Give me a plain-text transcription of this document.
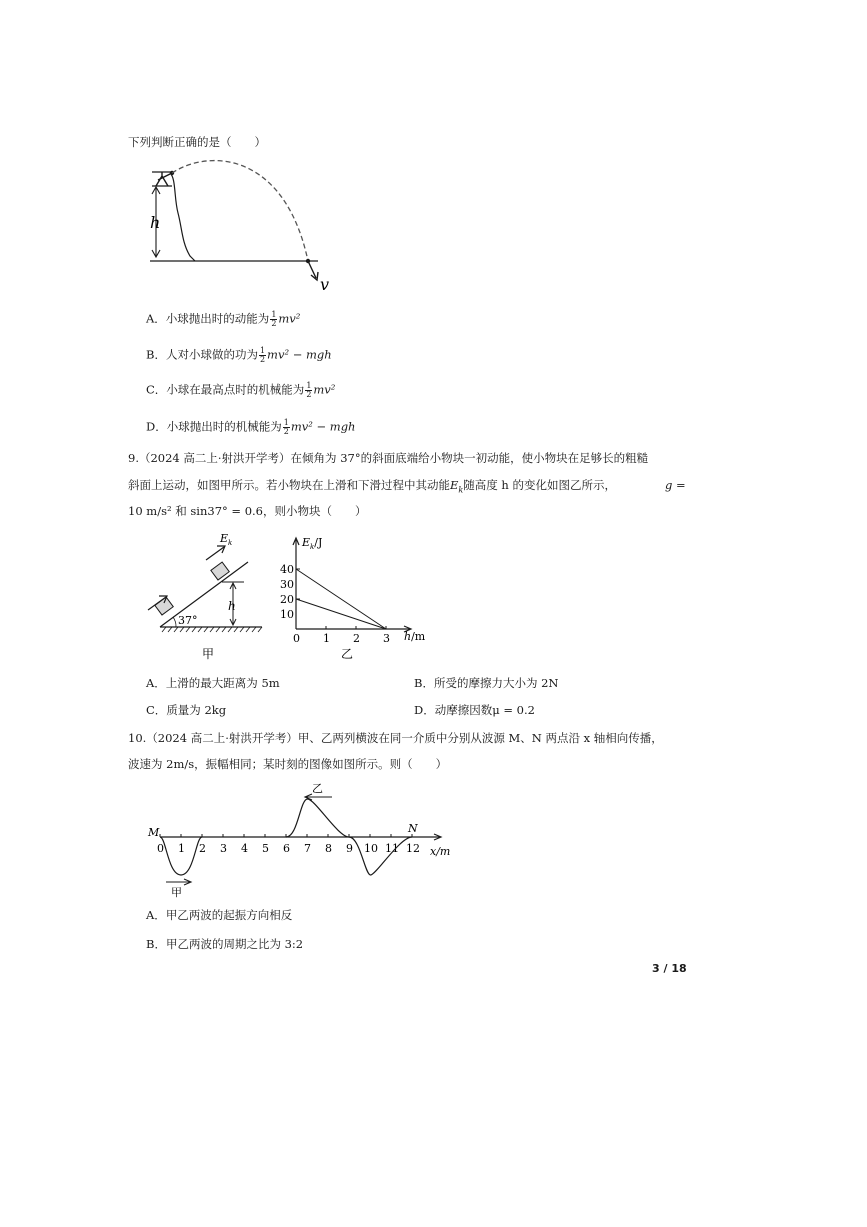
下列判断正确的是（　　）
h
v
A．小球抛出时的动能为 $\frac{1}{2} mv^2$
B．人对小球做的功为 $\frac{1}{2} mv^2$ − mgh
C．小球在最高点时的机械能为 $\frac{1}{2} mv^2$
D．小球抛出时的机械能为 $\frac{1}{2} mv^2$ − mgh
9.（2024 高二上·射洪开学考）在倾角为 37°的斜面底端给小物块一初动能，使小物块在足够长的粗糙
斜面上运动，如图甲所示。若小物块在上滑和下滑过程中其动能$E_k$随高度 h 的变化如图乙所示，	g =
10 m/s² 和 sin37° = 0.6，则小物块（　　）
$E_k$
h
37°
甲
$E_k/J$
h/m
40
30
20
10
0 1 2 3
乙
A．上滑的最大距离为 5m	B．所受的摩擦力大小为 2N
C．质量为 2kg	D．动摩擦因数μ = 0.2
10.（2024 高二上·射洪开学考）甲、乙两列横波在同一介质中分别从波源 M、N 两点沿 x 轴相向传播，
波速为 2m/s，振幅相同；某时刻的图像如图所示。则（　　）
0 1 2 3 4 5 6 7 8 9 10 11 12
M	N
x/m
甲
乙
A．甲乙两波的起振方向相反
B．甲乙两波的周期之比为 3:2
3 / 18
